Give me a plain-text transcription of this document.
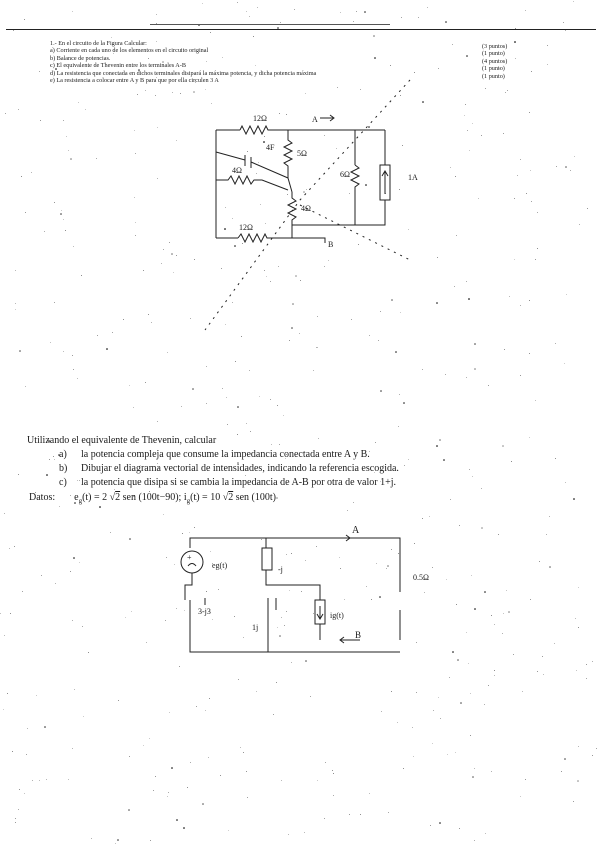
1.- En el circuito de la Figura Calcular:
a) Corriente en cada uno de los elementos en el circuito original
b) Balance de potencias.
c) El equivalente de Thevenin entre los terminales A-B
d) La resistencia que conectada en dichos terminales disipará la máxima potencia, y dicha potencia máxima
e) La resistencia a colocar entre A y B para que por ella circulen 3 A
(3 puntos)
(1 punto)
(4 puntos)
(1 punto)
(1 punto)
12Ω	A
4F
5Ω
4Ω	6Ω	1A
4Ω
12Ω
B
Utilizando el equivalente de Thevenin, calcular
a) la potencia compleja que consume la impedancia conectada entre A y B.
b) Dibujar el diagrama vectorial de intensidades, indicando la referencia escogida.
c) la potencia que disipa si se cambia la impedancia de A-B por otra de valor 1+j.
Datos: $e_g(t) = 2$ √2 sen (100t−90); $i_g(t) = 10$ √2 sen (100t)
+
A
eg(t)	-j
3-j3
1j
ig(t)
B
0.5Ω
